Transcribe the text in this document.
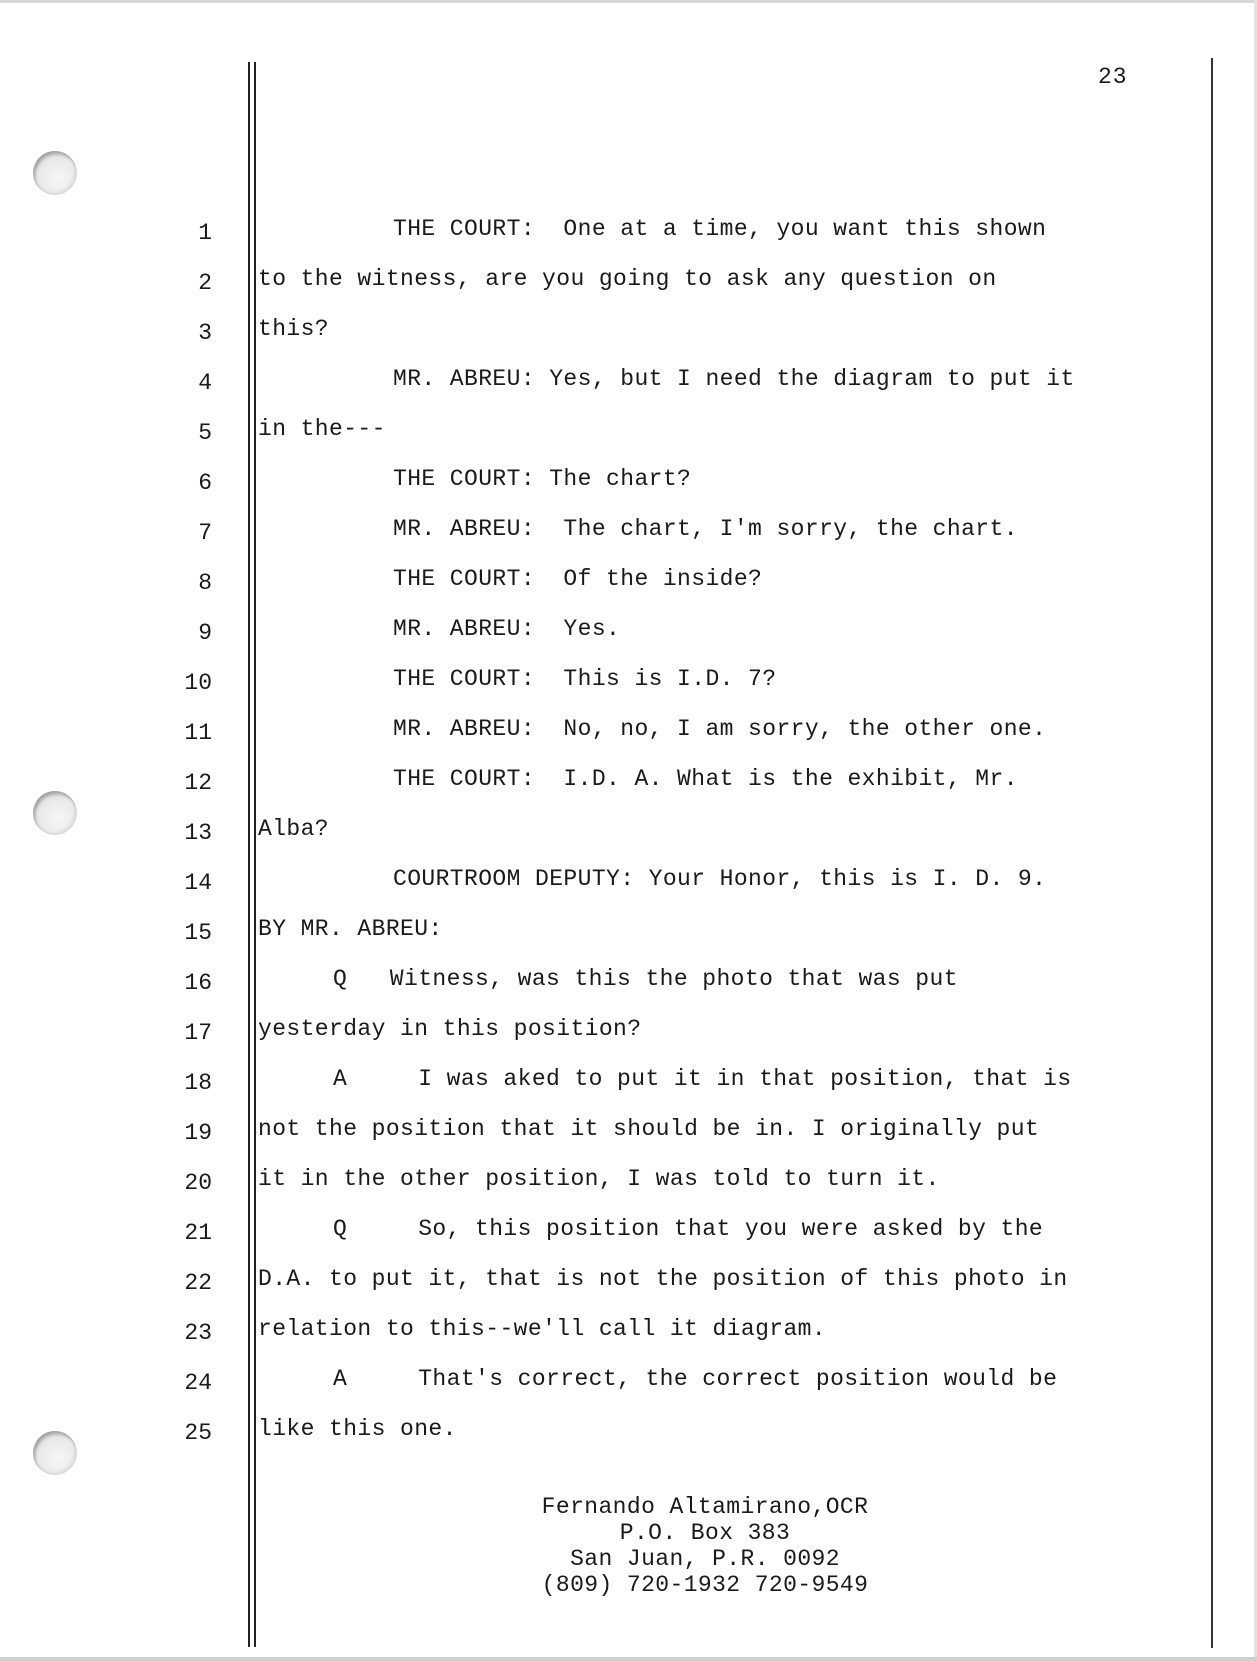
23
1
2
3
4
5
6
7
8
9
10
11
12
13
14
15
16
17
18
19
20
21
22
23
24
25
THE COURT:  One at a time, you want this shown
to the witness, are you going to ask any question on
this?
MR. ABREU: Yes, but I need the diagram to put it
in the---
THE COURT: The chart?
MR. ABREU:  The chart, I'm sorry, the chart.
THE COURT:  Of the inside?
MR. ABREU:  Yes.
THE COURT:  This is I.D. 7?
MR. ABREU:  No, no, I am sorry, the other one.
THE COURT:  I.D. A. What is the exhibit, Mr.
Alba?
COURTROOM DEPUTY: Your Honor, this is I. D. 9.
BY MR. ABREU:
Q   Witness, was this the photo that was put
yesterday in this position?
A     I was aked to put it in that position, that is
not the position that it should be in. I originally put
it in the other position, I was told to turn it.
Q     So, this position that you were asked by the
D.A. to put it, that is not the position of this photo in
relation to this--we'll call it diagram.
A     That's correct, the correct position would be
like this one.
Fernando Altamirano,OCR
P.O. Box 383
San Juan, P.R. 0092
(809) 720-1932 720-9549
